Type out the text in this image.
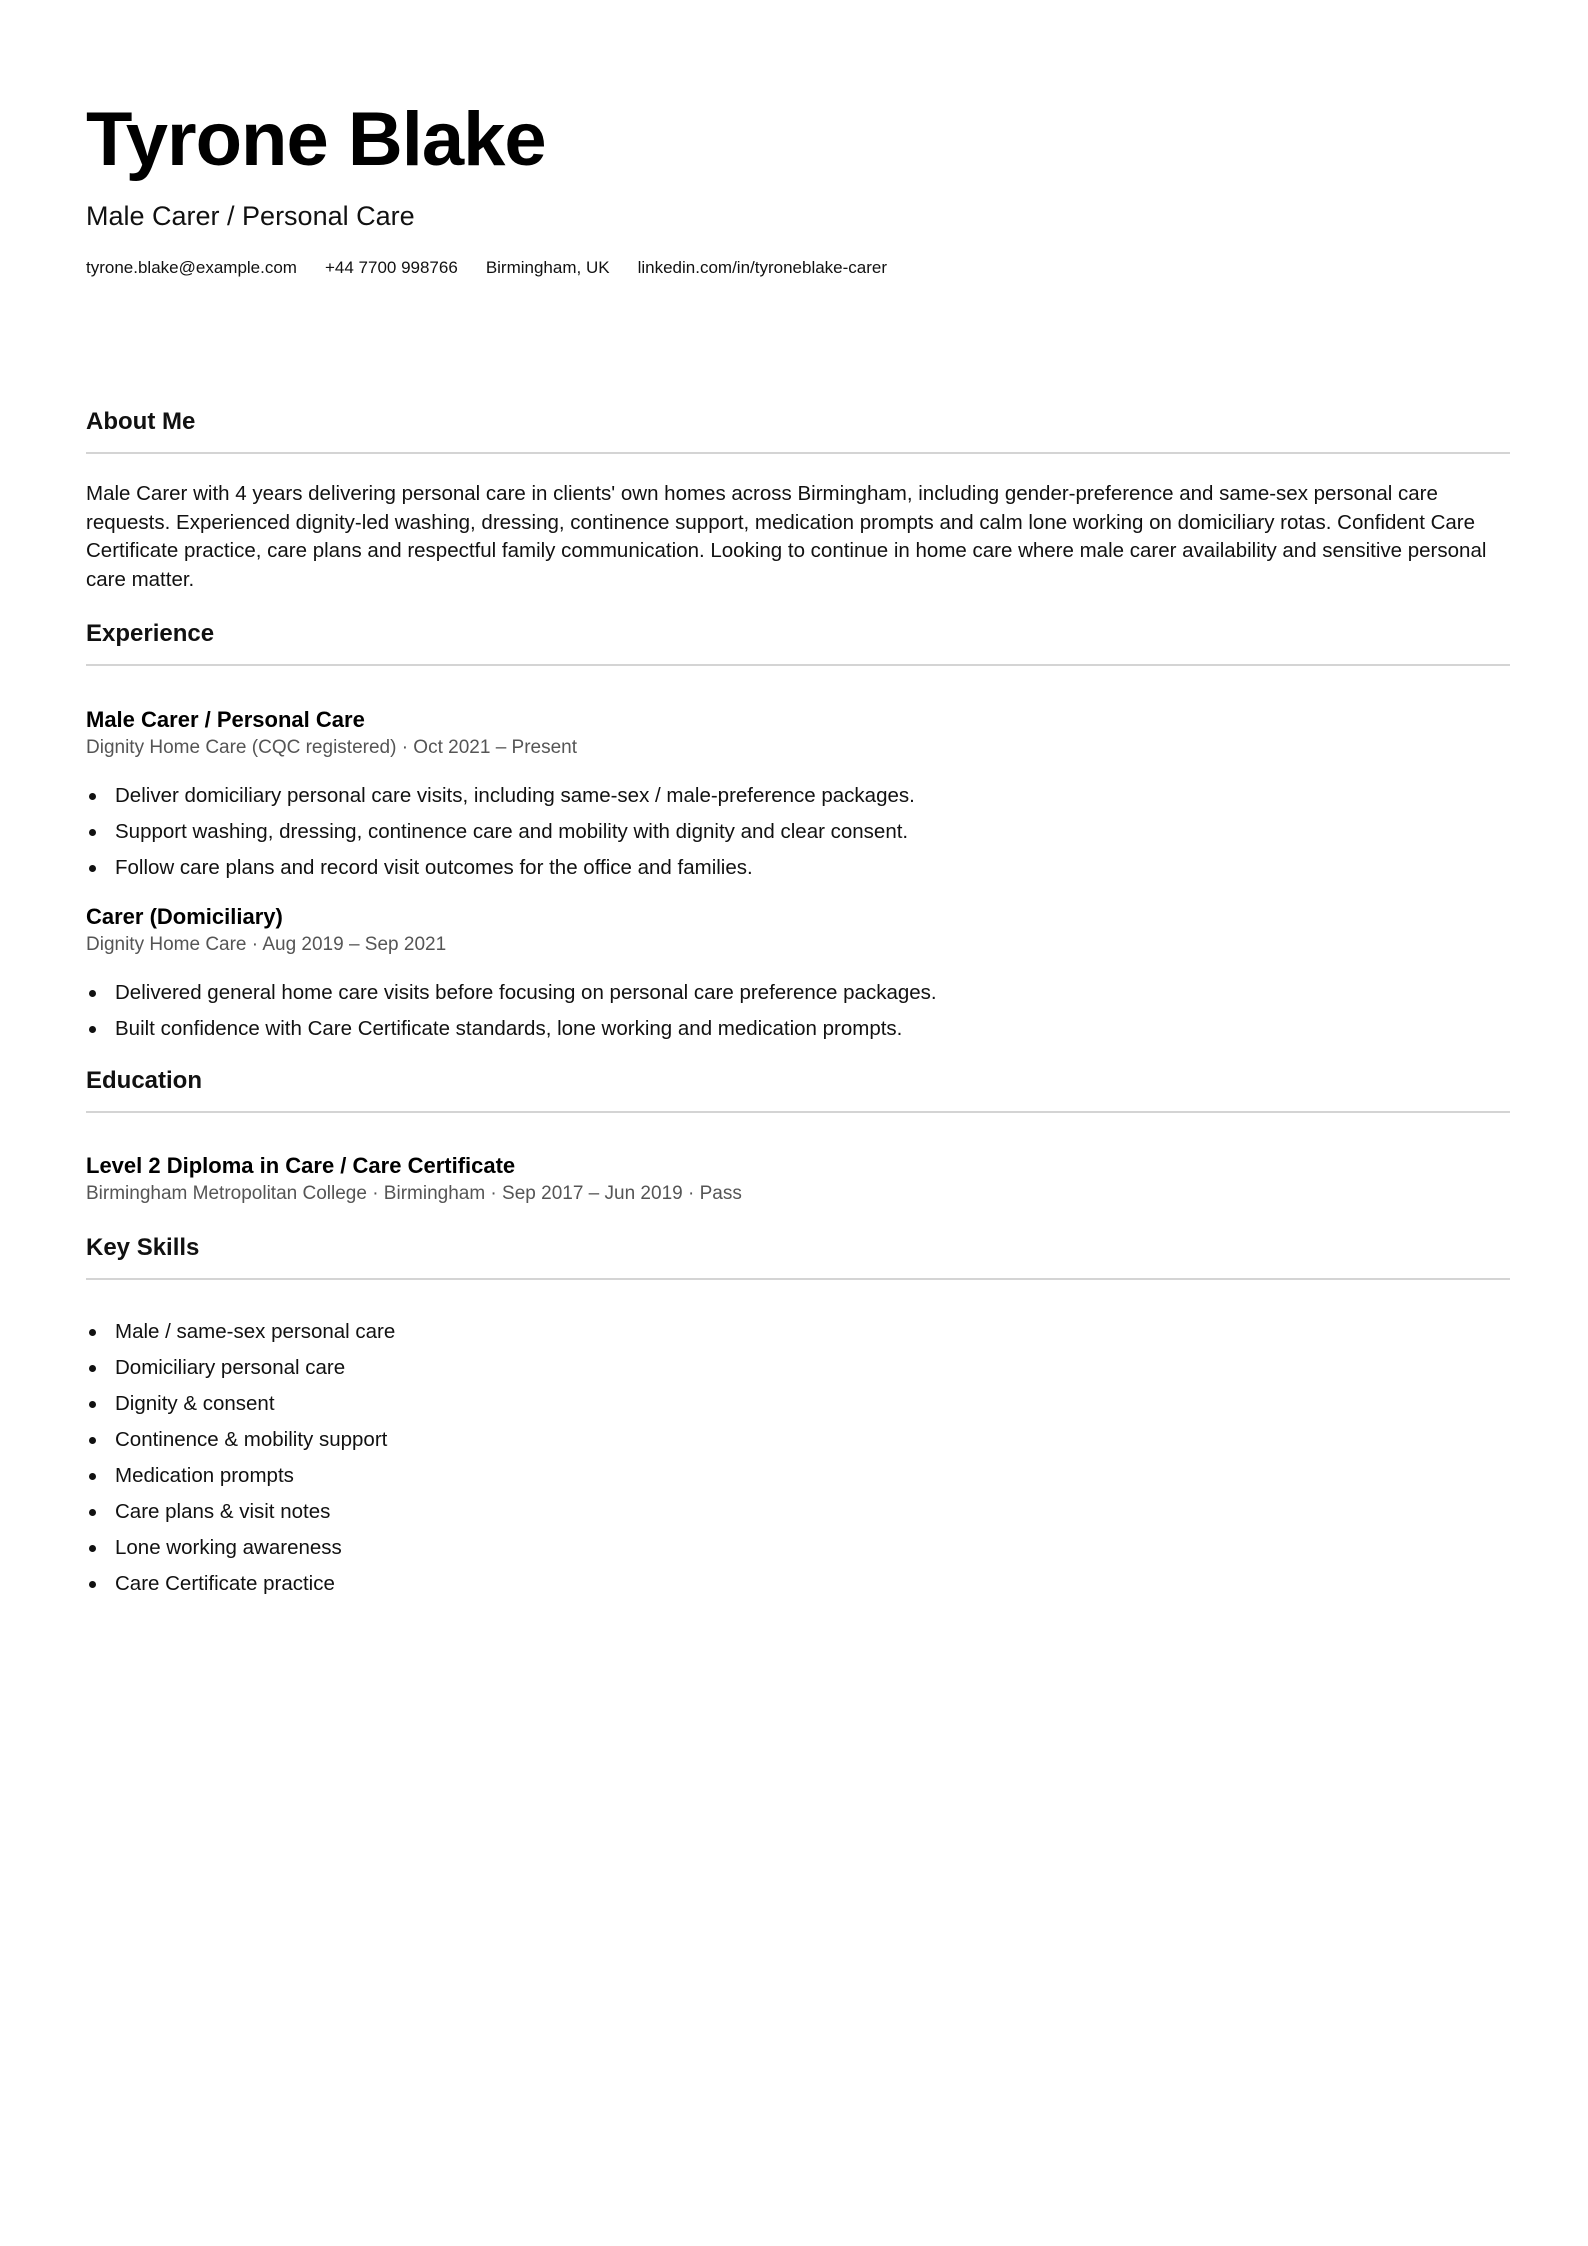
Tyrone Blake

Male Carer / Personal Care

tyrone.blake@example.com +44 7700 998766 Birmingham, UK linkedin.com/in/tyroneblake-carer
About Me

Male Carer with 4 years delivering personal care in clients' own homes across Birmingham, including gender-preference and same-sex personal care requests. Experienced dignity-led washing, dressing, continence support, medication prompts and calm lone working on domiciliary rotas. Confident Care Certificate practice, care plans and respectful family communication. Looking to continue in home care where male carer availability and sensitive personal care matter.

Experience

Male Carer / Personal Care

Dignity Home Care (CQC registered) · Oct 2021 – Present

Deliver domiciliary personal care visits, including same-sex / male-preference packages.
Support washing, dressing, continence care and mobility with dignity and clear consent.
Follow care plans and record visit outcomes for the office and families.

Carer (Domiciliary)

Dignity Home Care · Aug 2019 – Sep 2021

Delivered general home care visits before focusing on personal care preference packages.
Built confidence with Care Certificate standards, lone working and medication prompts.
Education

Level 2 Diploma in Care / Care Certificate

Birmingham Metropolitan College · Birmingham · Sep 2017 – Jun 2019 · Pass

Key Skills
Male / same-sex personal care
Domiciliary personal care
Dignity & consent
Continence & mobility support
Medication prompts
Care plans & visit notes
Lone working awareness
Care Certificate practice
